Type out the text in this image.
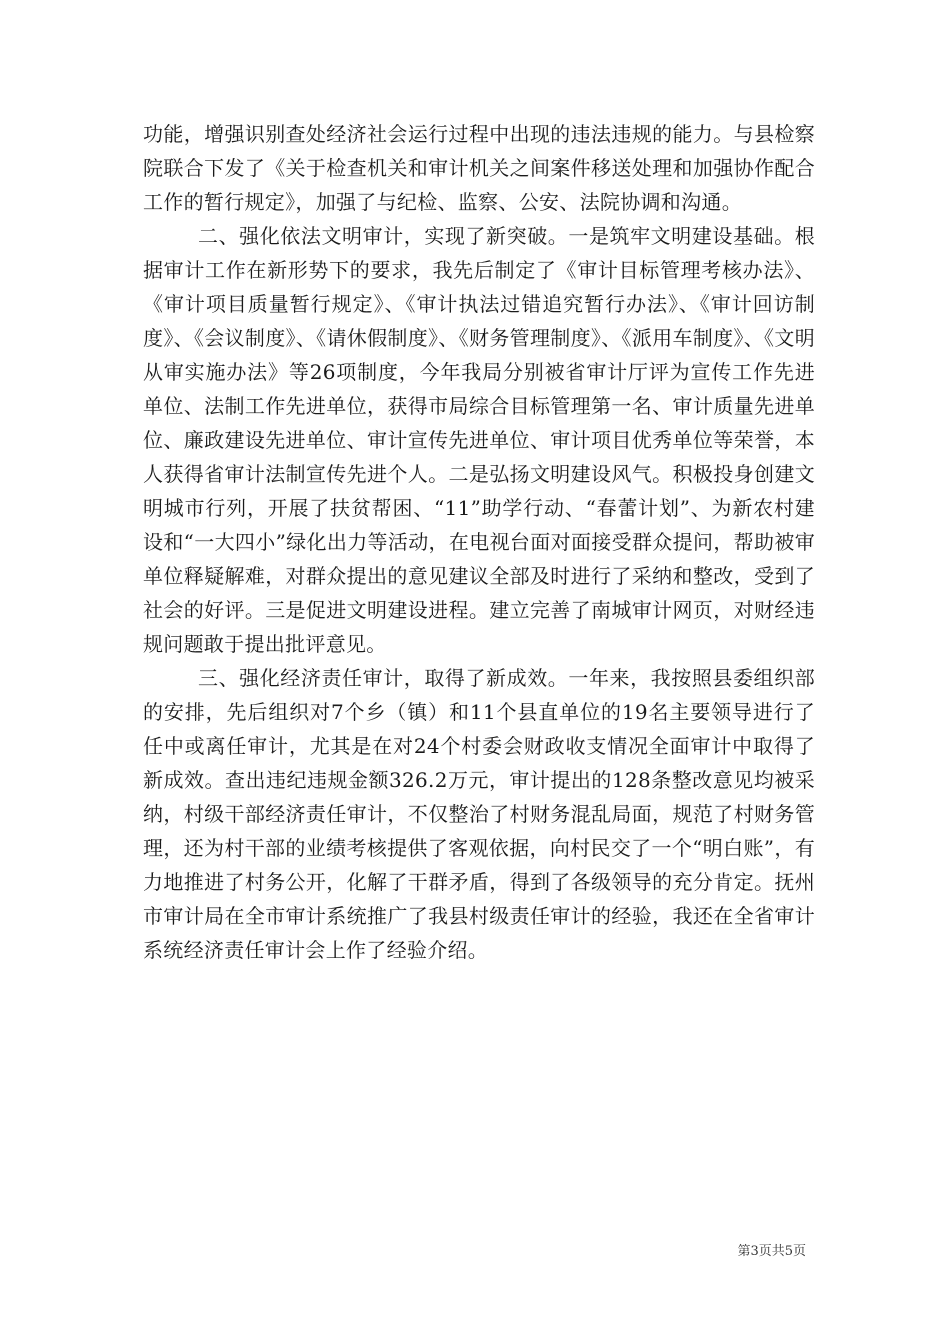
功能，增强识别查处经济社会运行过程中出现的违法违规的能力。与县检察院联合下发了《关于检查机关和审计机关之间案件移送处理和加强协作配合工作的暂行规定》，加强了与纪检、监察、公安、法院协调和沟通。

二、强化依法文明审计，实现了新突破。一是筑牢文明建设基础。根据审计工作在新形势下的要求，我先后制定了《审计目标管理考核办法》、《审计项目质量暂行规定》、《审计执法过错追究暂行办法》、《审计回访制度》、《会议制度》、《请休假制度》、《财务管理制度》、《派用车制度》、《文明从审实施办法》等26项制度，今年我局分别被省审计厅评为宣传工作先进单位、法制工作先进单位，获得市局综合目标管理第一名、审计质量先进单位、廉政建设先进单位、审计宣传先进单位、审计项目优秀单位等荣誉，本人获得省审计法制宣传先进个人。二是弘扬文明建设风气。积极投身创建文明城市行列，开展了扶贫帮困、“11”助学行动、“春蕾计划”、为新农村建设和“一大四小”绿化出力等活动，在电视台面对面接受群众提问，帮助被审单位释疑解难，对群众提出的意见建议全部及时进行了采纳和整改，受到了社会的好评。三是促进文明建设进程。建立完善了南城审计网页，对财经违规问题敢于提出批评意见。

三、强化经济责任审计，取得了新成效。一年来，我按照县委组织部的安排，先后组织对7个乡（镇）和11个县直单位的19名主要领导进行了任中或离任审计，尤其是在对24个村委会财政收支情况全面审计中取得了新成效。查出违纪违规金额326.2万元，审计提出的128条整改意见均被采纳，村级干部经济责任审计，不仅整治了村财务混乱局面，规范了村财务管理，还为村干部的业绩考核提供了客观依据，向村民交了一个“明白账”，有力地推进了村务公开，化解了干群矛盾，得到了各级领导的充分肯定。抚州市审计局在全市审计系统推广了我县村级责任审计的经验，我还在全省审计系统经济责任审计会上作了经验介绍。

第3页共5页
